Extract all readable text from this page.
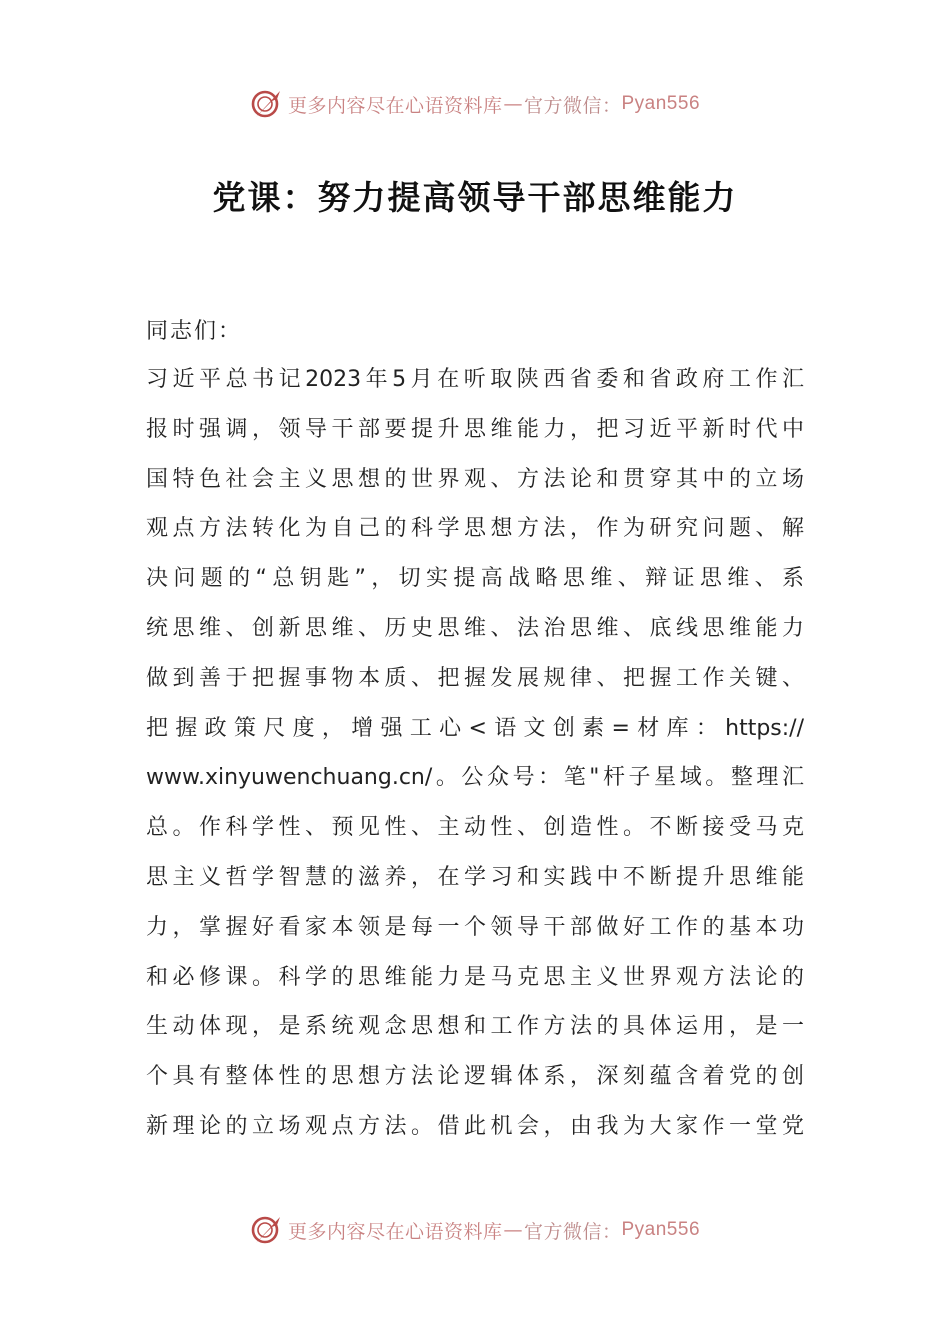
更多内容尽在心语资料库 — 官方微信： Pyan556
党课：努力提高领导干部思维能力
同志们：
习近平总书记2023年5月在听取陕西省委和省政府工作汇
报时强调，领导干部要提升思维能力，把习近平新时代中
国特色社会主义思想的世界观、方法论和贯穿其中的立场
观点方法转化为自己的科学思想方法，作为研究问题、解
决问题的“总钥匙”，切实提高战略思维、辩证思维、系
统思维、创新思维、历史思维、法治思维、底线思维能力
做到善于把握事物本质、把握发展规律、把握工作关键、
把握政策尺度，增强工心<语文创素=材库：https://
www.xinyuwenchuang.cn/。公众号：笔"杆子星域。整理汇
总。作科学性、预见性、主动性、创造性。不断接受马克
思主义哲学智慧的滋养，在学习和实践中不断提升思维能
力，掌握好看家本领是每一个领导干部做好工作的基本功
和必修课。科学的思维能力是马克思主义世界观方法论的
生动体现，是系统观念思想和工作方法的具体运用，是一
个具有整体性的思想方法论逻辑体系，深刻蕴含着党的创
新理论的立场观点方法。借此机会，由我为大家作一堂党
更多内容尽在心语资料库 — 官方微信： Pyan556
